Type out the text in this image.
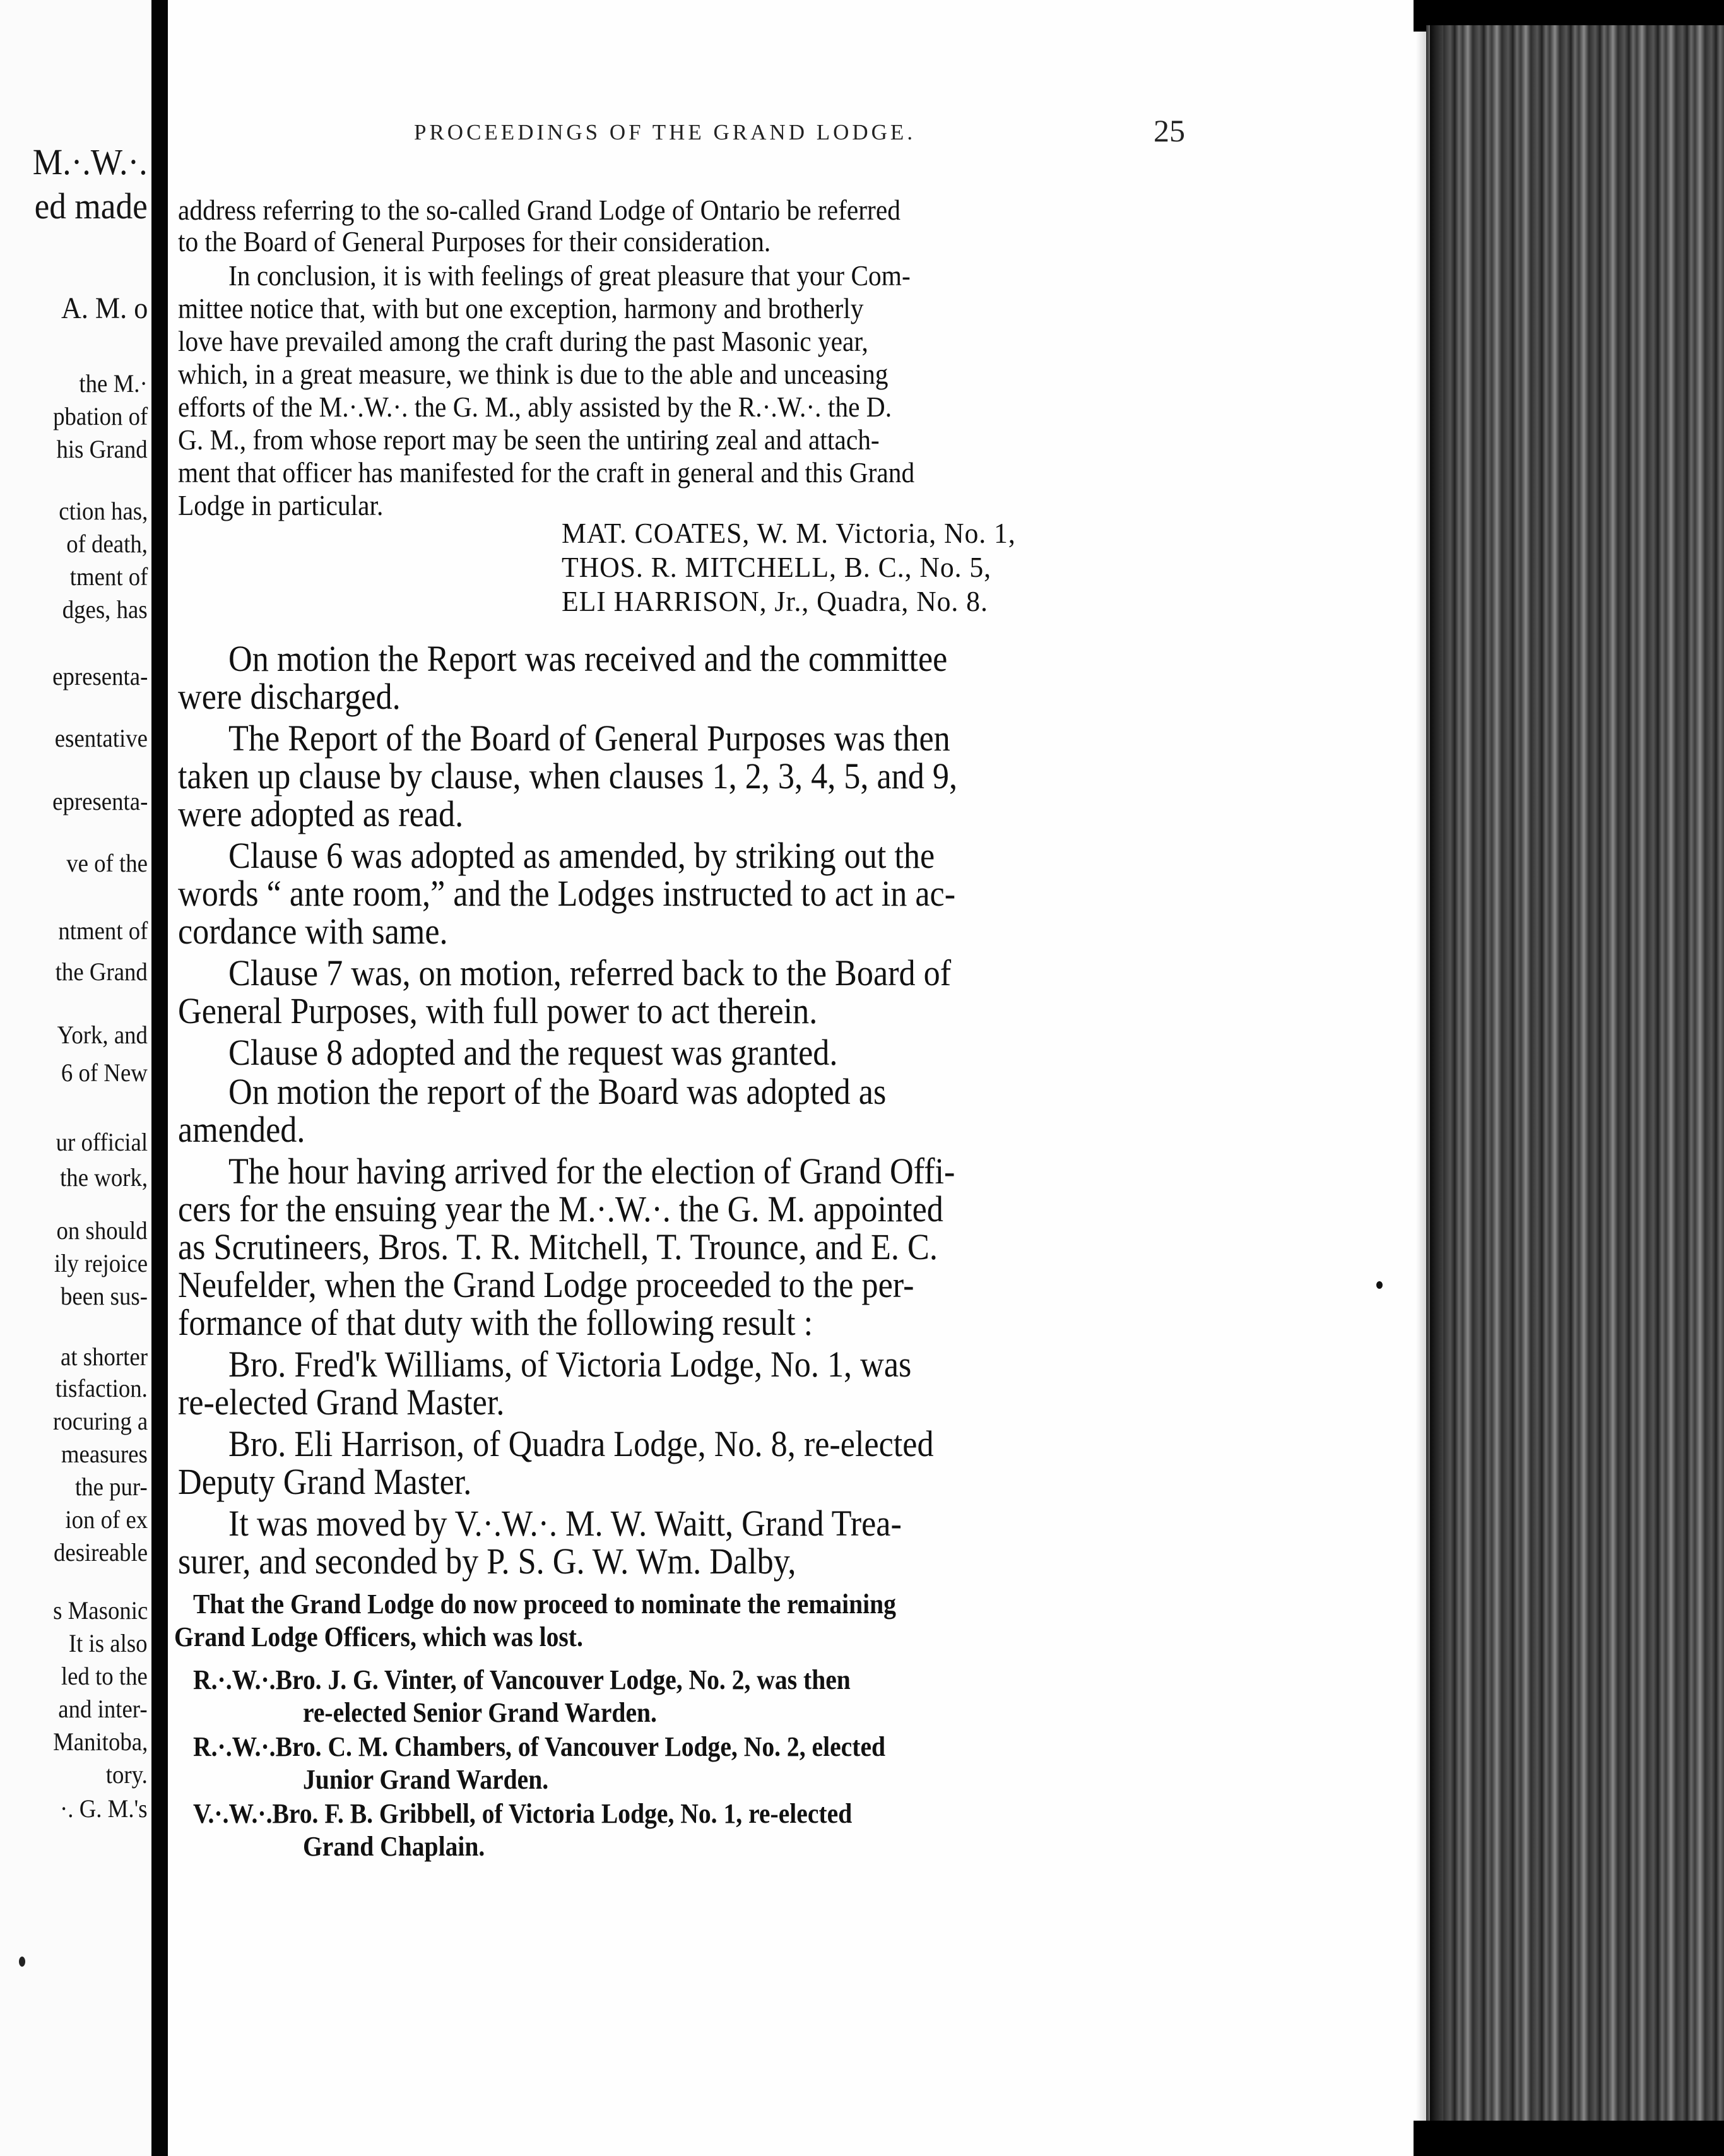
M.·.W.·.
ed made
A. M. o
the M.·
pbation of
his Grand
ction has,
of death,
tment of
dges, has
epresenta-
esentative
epresenta-
ve of the
ntment of
the Grand
York, and
6 of New
ur official
the work,
on should
ily rejoice
been sus-
at shorter
tisfaction.
rocuring a
measures
the pur-
ion of ex
desireable
s Masonic
It is also
led to the
and inter-
Manitoba,
tory.
·. G. M.'s
PROCEEDINGS OF THE GRAND LODGE.	25
address referring to the so-called Grand Lodge of Ontario be referred
to the Board of General Purposes for their consideration.
In conclusion, it is with feelings of great pleasure that your Com-
mittee notice that, with but one exception, harmony and brotherly
love have prevailed among the craft during the past Masonic year,
which, in a great measure, we think is due to the able and unceasing
efforts of the M.·.W.·. the G. M., ably assisted by the R.·.W.·. the D.
G. M., from whose report may be seen the untiring zeal and attach-
ment that officer has manifested for the craft in general and this Grand
Lodge in particular.
MAT. COATES, W. M. Victoria, No. 1,
THOS. R. MITCHELL, B. C., No. 5,
ELI HARRISON, Jr., Quadra, No. 8.
On motion the Report was received and the committee
were discharged.
The Report of the Board of General Purposes was then
taken up clause by clause, when clauses 1, 2, 3, 4, 5, and 9,
were adopted as read.
Clause 6 was adopted as amended, by striking out the
words “ ante room,” and the Lodges instructed to act in ac-
cordance with same.
Clause 7 was, on motion, referred back to the Board of
General Purposes, with full power to act therein.
Clause 8 adopted and the request was granted.
On motion the report of the Board was adopted as
amended.
The hour having arrived for the election of Grand Offi-
cers for the ensuing year the M.·.W.·. the G. M. appointed
as Scrutineers, Bros. T. R. Mitchell, T. Trounce, and E. C.
Neufelder, when the Grand Lodge proceeded to the per-
formance of that duty with the following result :
Bro. Fred'k Williams, of Victoria Lodge, No. 1, was
re-elected Grand Master.
Bro. Eli Harrison, of Quadra Lodge, No. 8, re-elected
Deputy Grand Master.
It was moved by V.·.W.·. M. W. Waitt, Grand Trea-
surer, and seconded by P. S. G. W. Wm. Dalby,
That the Grand Lodge do now proceed to nominate the remaining
Grand Lodge Officers, which was lost.
R.·.W.·.Bro. J. G. Vinter, of Vancouver Lodge, No. 2, was then
re-elected Senior Grand Warden.
R.·.W.·.Bro. C. M. Chambers, of Vancouver Lodge, No. 2, elected
Junior Grand Warden.
V.·.W.·.Bro. F. B. Gribbell, of Victoria Lodge, No. 1, re-elected
Grand Chaplain.
